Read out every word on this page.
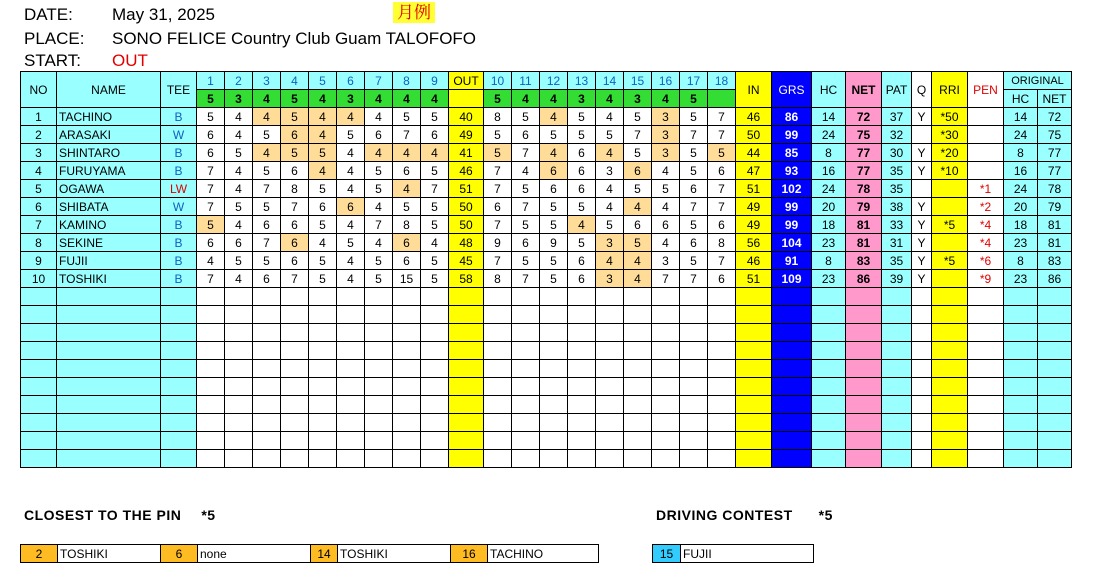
DATE: May 31, 2025	月例
PLACE: SONO FELICE Country Club Guam TALOFOFO
START: OUT
NO	NAME	TEE	1	2	3	4	5	6	7	8	9	OUT	10	11	12	13	14	15	16	17	18	IN	GRS	HC	NET	PAT	Q	RRI	PEN	ORIGINAL	
			5	3	4	5	4	3	4	4	4		5	4	4	3	4	3	4	5										HC	NET
1	TACHINO	B	5	4	4	5	4	4	4	5	5	40	8	5	4	5	4	5	3	5	7	46	86	14	72	37	Y	*50		14	72
2	ARASAKI	W	6	4	5	6	4	5	6	7	6	49	5	6	5	5	5	7	3	7	7	50	99	24	75	32		*30		24	75
3	SHINTARO	B	6	5	4	5	5	4	4	4	4	41	5	7	4	6	4	5	3	5	5	44	85	8	77	30	Y	*20		8	77
4	FURUYAMA	B	7	4	5	6	4	4	5	6	5	46	7	4	6	6	3	6	4	5	6	47	93	16	77	35	Y	*10		16	77
5	OGAWA	LW	7	4	7	8	5	4	5	4	7	51	7	5	6	6	4	5	5	6	7	51	102	24	78	35			*1	24	78
6	SHIBATA	W	7	5	5	7	6	6	4	5	5	50	6	7	5	5	4	4	4	7	7	49	99	20	79	38	Y		*2	20	79
7	KAMINO	B	5	4	6	6	5	4	7	8	5	50	7	5	5	4	5	6	6	5	6	49	99	18	81	33	Y	*5	*4	18	81
8	SEKINE	B	6	6	7	6	4	5	4	6	4	48	9	6	9	5	3	5	4	6	8	56	104	23	81	31	Y		*4	23	81
9	FUJII	B	4	5	5	6	5	4	5	6	5	45	7	5	5	6	4	4	3	5	7	46	91	8	83	35	Y	*5	*6	8	83
10	TOSHIKI	B	7	4	6	7	5	4	5	15	5	58	8	7	5	6	3	4	7	7	6	51	109	23	86	39	Y		*9	23	86

CLOSEST TO THE PIN *5	DRIVING CONTEST *5
2	TOSHIKI	6	none	14	TOSHIKI	16	TACHINO	15	FUJII
